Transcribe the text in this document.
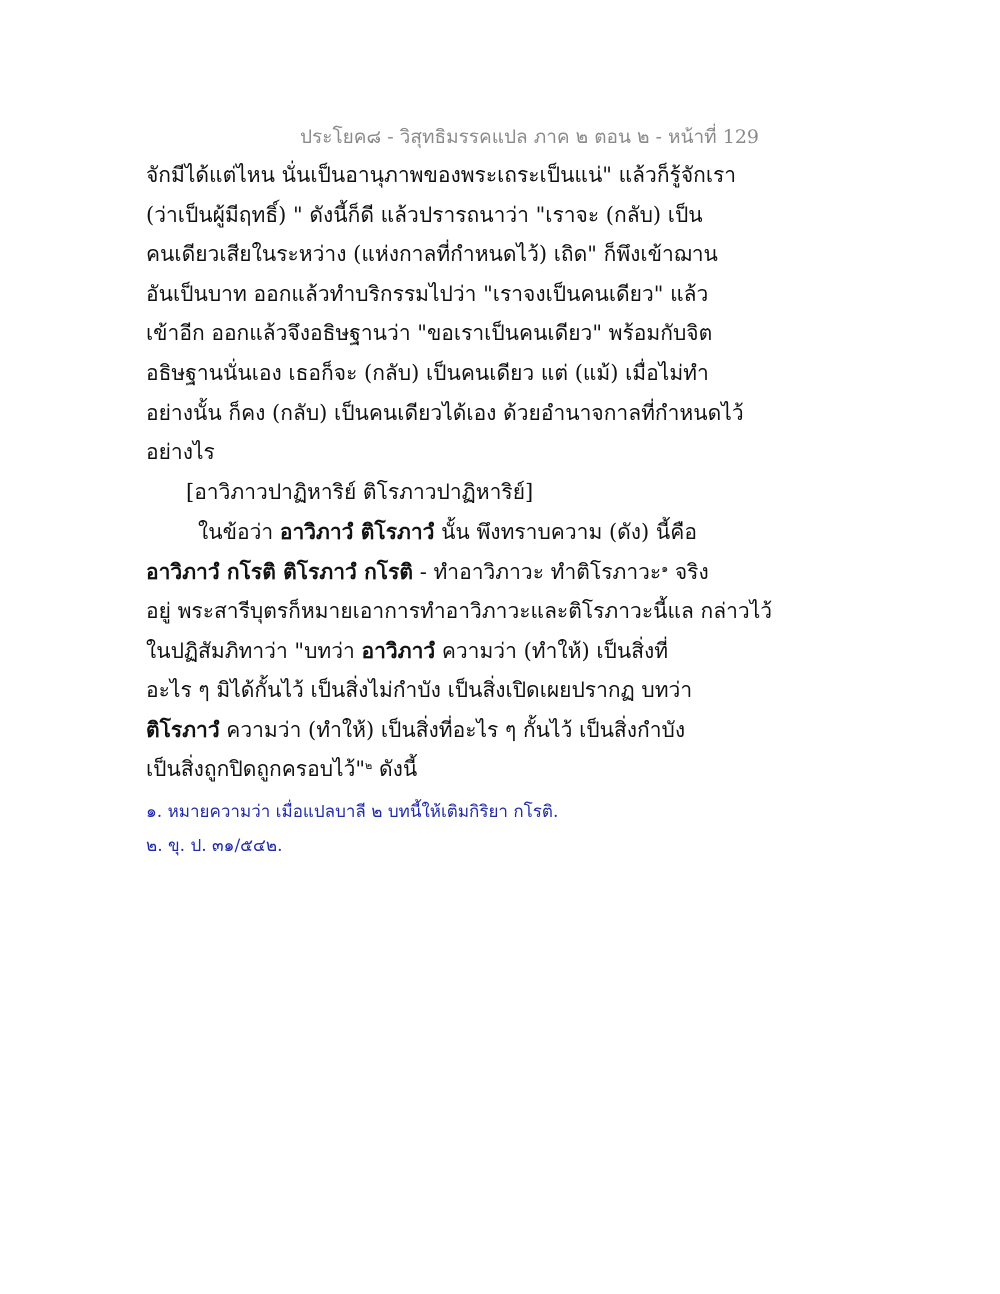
ประโยค๘ - วิสุทธิมรรคแปล ภาค ๒ ตอน ๒ - หน้าที่ 129
จักมีได้แต่ไหน นั่นเป็นอานุภาพของพระเถระเป็นแน่" แล้วก็รู้จักเรา
(ว่าเป็นผู้มีฤทธิ์) " ดังนี้ก็ดี แล้วปรารถนาว่า "เราจะ (กลับ) เป็น
คนเดียวเสียในระหว่าง (แห่งกาลที่กำหนดไว้) เถิด" ก็พึงเข้าฌาน
อันเป็นบาท ออกแล้วทำบริกรรมไปว่า "เราจงเป็นคนเดียว" แล้ว
เข้าอีก ออกแล้วจึงอธิษฐานว่า "ขอเราเป็นคนเดียว" พร้อมกับจิต
อธิษฐานนั่นเอง เธอก็จะ (กลับ) เป็นคนเดียว แต่ (แม้) เมื่อไม่ทำ
อย่างนั้น ก็คง (กลับ) เป็นคนเดียวได้เอง ด้วยอำนาจกาลที่กำหนดไว้
อย่างไร
[อาวิภาวปาฏิหาริย์ ติโรภาวปาฏิหาริย์]
ในข้อว่า อาวิภาวํ ติโรภาวํ นั้น พึงทราบความ (ดัง) นี้คือ
อาวิภาวํ กโรติ ติโรภาวํ กโรติ - ทำอาวิภาวะ ทำติโรภาวะ$^๑$ จริง
อยู่ พระสารีบุตรก็หมายเอาการทำอาวิภาวะและติโรภาวะนี้แล กล่าวไว้
ในปฏิสัมภิทาว่า "บทว่า อาวิภาวํ ความว่า (ทำให้) เป็นสิ่งที่
อะไร ๆ มิได้กั้นไว้ เป็นสิ่งไม่กำบัง เป็นสิ่งเปิดเผยปรากฏ บทว่า
ติโรภาวํ ความว่า (ทำให้) เป็นสิ่งที่อะไร ๆ กั้นไว้ เป็นสิ่งกำบัง
เป็นสิ่งถูกปิดถูกครอบไว้"$^๒$ ดังนี้
๑. หมายความว่า เมื่อแปลบาลี ๒ บทนี้ให้เติมกิริยา กโรติ.
๒. ขุ. ป. ๓๑/๕๔๒.
